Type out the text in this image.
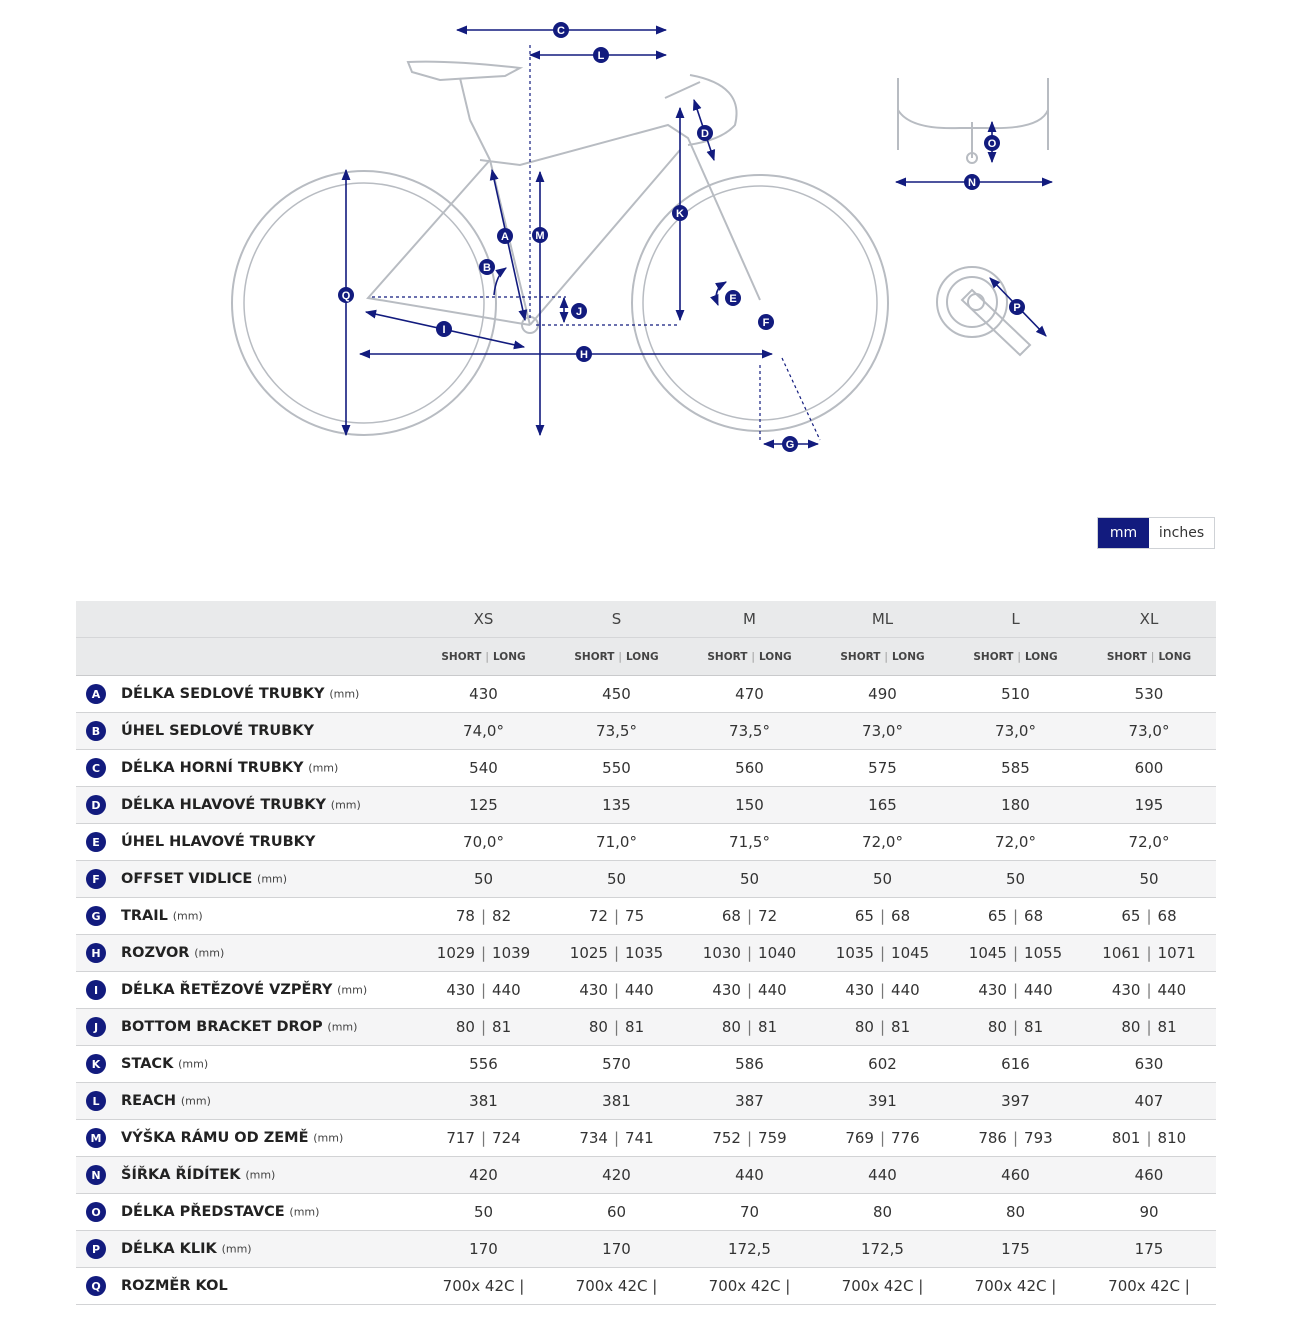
A
B
C
D
E
F
G
H
I
J
K
L
M
N
O
P
Q
mm	inches
	XS	S	M	ML	L	XL
	SHORT | LONG	SHORT | LONG	SHORT | LONG	SHORT | LONG	SHORT | LONG	SHORT | LONG
A DÉLKA SEDLOVÉ TRUBKY (mm)	430	450	470	490	510	530
B ÚHEL SEDLOVÉ TRUBKY	74,0°	73,5°	73,5°	73,0°	73,0°	73,0°
C DÉLKA HORNÍ TRUBKY (mm)	540	550	560	575	585	600
D DÉLKA HLAVOVÉ TRUBKY (mm)	125	135	150	165	180	195
E ÚHEL HLAVOVÉ TRUBKY	70,0°	71,0°	71,5°	72,0°	72,0°	72,0°
F OFFSET VIDLICE (mm)	50	50	50	50	50	50
G TRAIL (mm)	78 | 82	72 | 75	68 | 72	65 | 68	65 | 68	65 | 68
H ROZVOR (mm)	1029 | 1039	1025 | 1035	1030 | 1040	1035 | 1045	1045 | 1055	1061 | 1071
I DÉLKA ŘETĚZOVÉ VZPĚRY (mm)	430 | 440	430 | 440	430 | 440	430 | 440	430 | 440	430 | 440
J BOTTOM BRACKET DROP (mm)	80 | 81	80 | 81	80 | 81	80 | 81	80 | 81	80 | 81
K STACK (mm)	556	570	586	602	616	630
L REACH (mm)	381	381	387	391	397	407
M VÝŠKA RÁMU OD ZEMĚ (mm)	717 | 724	734 | 741	752 | 759	769 | 776	786 | 793	801 | 810
N ŠÍŘKA ŘÍDÍTEK (mm)	420	420	440	440	460	460
O DÉLKA PŘEDSTAVCE (mm)	50	60	70	80	80	90
P DÉLKA KLIK (mm)	170	170	172,5	172,5	175	175
Q ROZMĚR KOL	700x 42C |	700x 42C |	700x 42C |	700x 42C |	700x 42C |	700x 42C |
